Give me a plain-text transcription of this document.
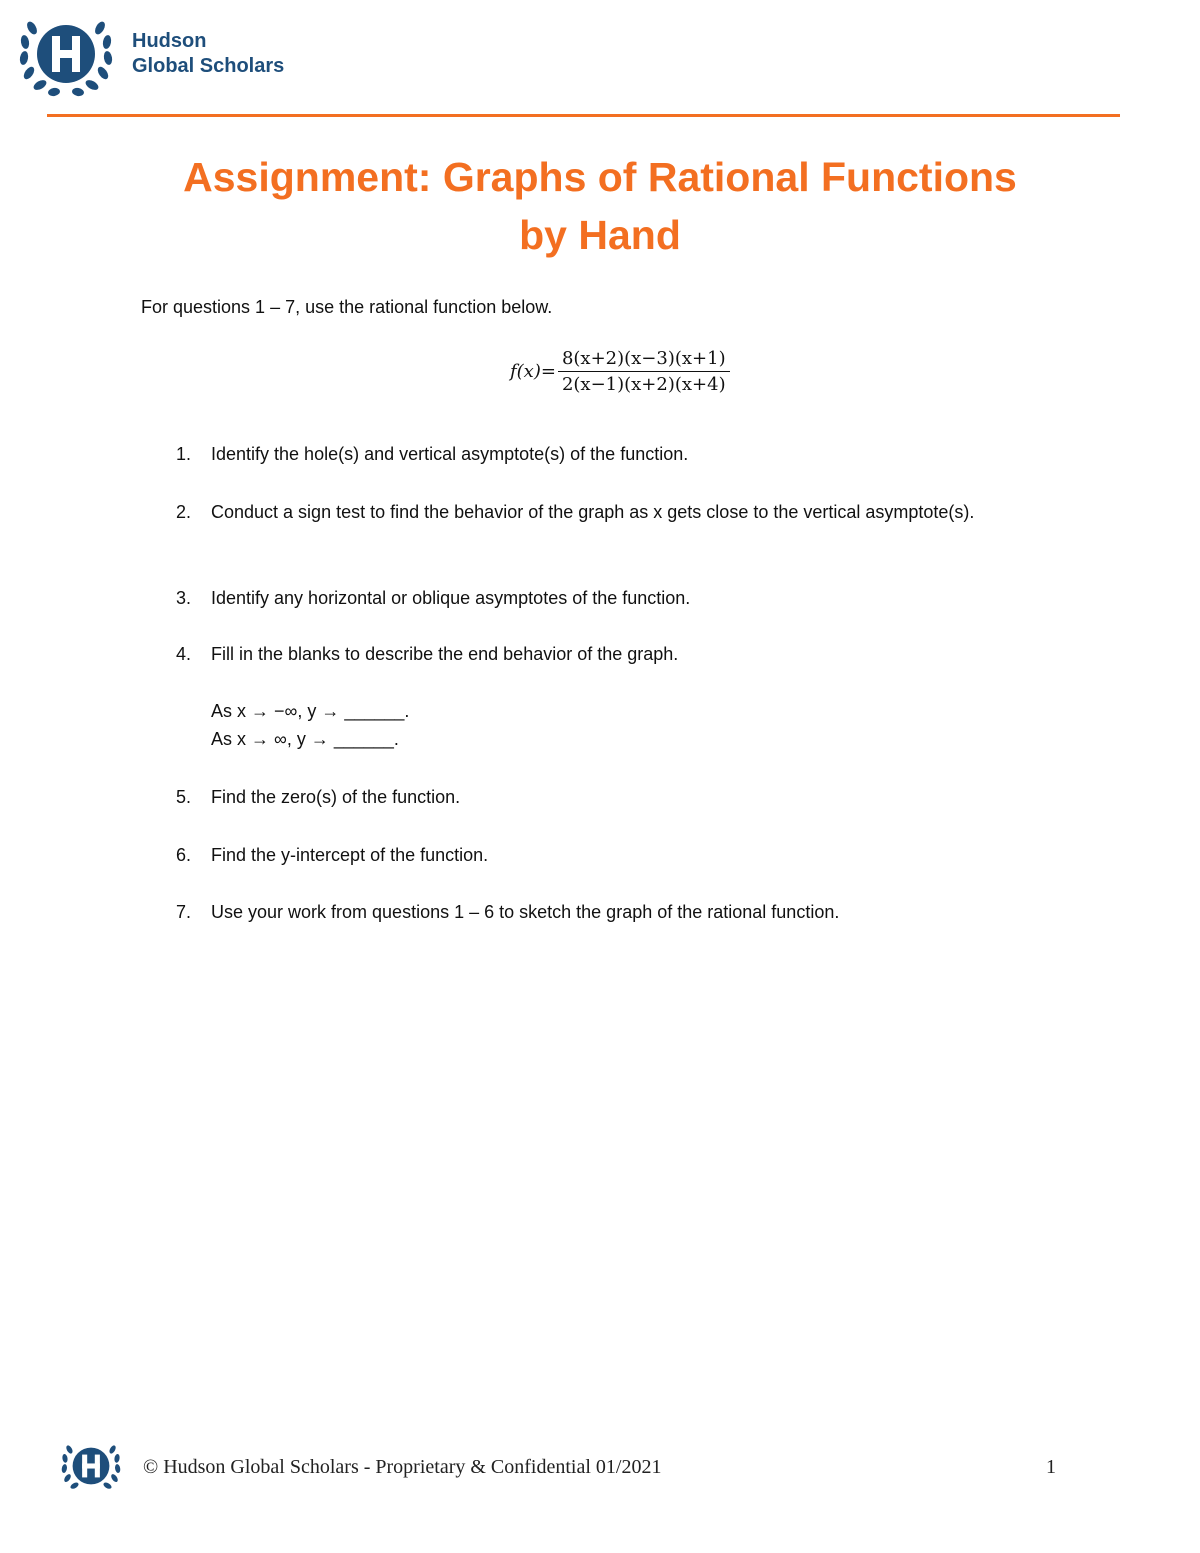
Hudson
Global Scholars
Assignment: Graphs of Rational Functions
by Hand
For questions 1 – 7, use the rational function below.
$f(x)= \frac{8(x+2)(x-3)(x+1)}{2(x-1)(x+2)(x+4)}$
1.	Identify the hole(s) and vertical asymptote(s) of the function.
2.	Conduct a sign test to find the behavior of the graph as x gets close to the vertical asymptote(s).
3.	Identify any horizontal or oblique asymptotes of the function.
4.	Fill in the blanks to describe the end behavior of the graph.
As x → −∞, y → ______.
As x → ∞, y → ______.
5.	Find the zero(s) of the function.
6.	Find the y-intercept of the function.
7.	Use your work from questions 1 – 6 to sketch the graph of the rational function.
© Hudson Global Scholars - Proprietary & Confidential 01/2021	1
